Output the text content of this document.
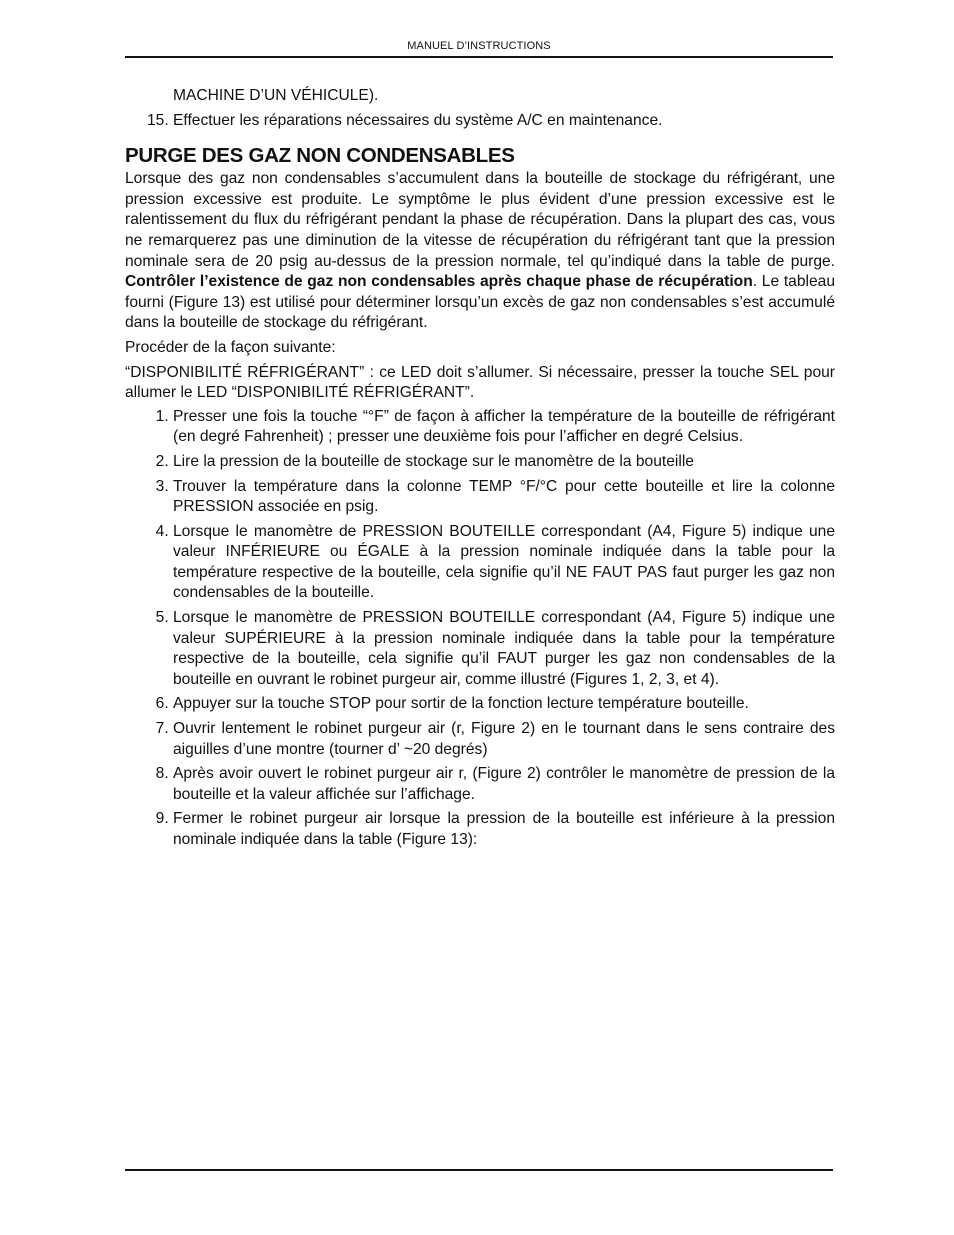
MANUEL D’INSTRUCTIONS
MACHINE D’UN VÉHICULE).
15. Effectuer les réparations nécessaires du système A/C en maintenance.
PURGE DES GAZ NON CONDENSABLES

Lorsque des gaz non condensables s’accumulent dans la bouteille de stockage du réfrigérant, une pression excessive est produite. Le symptôme le plus évident d’une pression excessive est le ralentissement du flux du réfrigérant pendant la phase de récupération. Dans la plupart des cas, vous ne remarquerez pas une diminution de la vitesse de récupération du réfrigérant tant que la pression nominale sera de 20 psig au-dessus de la pression normale, tel qu’indiqué dans la table de purge. Contrôler l’existence de gaz non condensables après chaque phase de récupération. Le tableau fourni (Figure 13) est utilisé pour déterminer lorsqu’un excès de gaz non condensables s’est accumulé dans la bouteille de stockage du réfrigérant.

Procéder de la façon suivante:

“DISPONIBILITÉ RÉFRIGÉRANT” : ce LED doit s’allumer. Si nécessaire, presser la touche SEL pour allumer le LED “DISPONIBILITÉ RÉFRIGÉRANT”.

1. Presser une fois la touche “°F” de façon à afficher la température de la bouteille de réfrigérant (en degré Fahrenheit) ; presser une deuxième fois pour l’afficher en degré Celsius.
2. Lire la pression de la bouteille de stockage sur le manomètre de la bouteille
3. Trouver la température dans la colonne TEMP °F/°C pour cette bouteille et lire la colonne PRESSION associée en psig.
4. Lorsque le manomètre de PRESSION BOUTEILLE correspondant (A4, Figure 5) indique une valeur INFÉRIEURE ou ÉGALE à la pression nominale indiquée dans la table pour la température respective de la bouteille, cela signifie qu’il NE FAUT PAS faut purger les gaz non condensables de la bouteille.
5. Lorsque le manomètre de PRESSION BOUTEILLE correspondant (A4, Figure 5) indique une valeur SUPÉRIEURE à la pression nominale indiquée dans la table pour la température respective de la bouteille, cela signifie qu’il FAUT purger les gaz non condensables de la bouteille en ouvrant le robinet purgeur air, comme illustré (Figures 1, 2, 3, et 4).
6. Appuyer sur la touche STOP pour sortir de la fonction lecture température bouteille.
7. Ouvrir lentement le robinet purgeur air (r, Figure 2) en le tournant dans le sens contraire des aiguilles d’une montre (tourner d’ ~20 degrés)
8. Après avoir ouvert le robinet purgeur air r, (Figure 2) contrôler le manomètre de pression de la bouteille et la valeur affichée sur l’affichage.
9. Fermer le robinet purgeur air lorsque la pression de la bouteille est inférieure à la pression nominale indiquée dans la table (Figure 13):
